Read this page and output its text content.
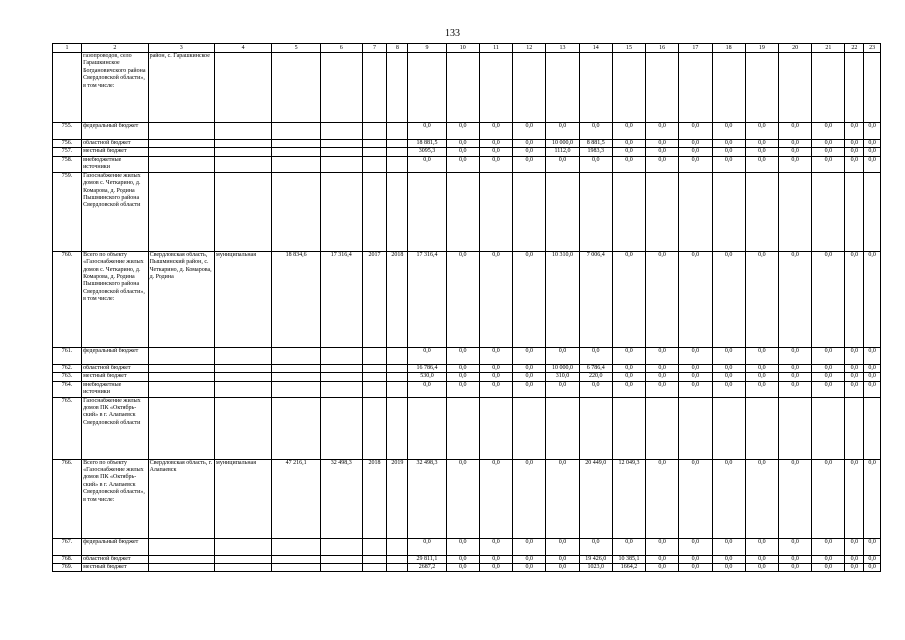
133
1	2	3	4	5	6	7	8	9	10	11	12	13	14	15	16	17	18	19	20	21	22	23
	газопроводов, село Гарашкинское Богдановичского района Свердловской области», в том числе:	район, с. Гарашкинское																				
755.	федеральный бюджет							0,0	0,0	0,0	0,0	0,0	0,0	0,0	0,0	0,0	0,0	0,0	0,0	0,0	0,0	0,0
756.	областной бюджет							18 881,5	0,0	0,0	0,0	10 000,0	8 881,5	0,0	0,0	0,0	0,0	0,0	0,0	0,0	0,0	0,0
757.	местный бюджет							3095,3	0,0	0,0	0,0	1112,0	1983,3	0,0	0,0	0,0	0,0	0,0	0,0	0,0	0,0	0,0
758.	внебюджетные источники							0,0	0,0	0,0	0,0	0,0	0,0	0,0	0,0	0,0	0,0	0,0	0,0	0,0	0,0	0,0
759.	Газоснабжение жилых домов с. Четкарино, д. Комарова, д. Родина Пышминского района Свердловской области																					
760.	Всего по объекту «Газоснабжение жилых домов с. Четкарино, д. Комарова, д. Родина Пышминского района Свердловской области», в том числе:	Свердловская область, Пышминский район, с. Четкарино, д. Комарова, д. Родина	муниципальная	18 834,6	17 316,4	2017	2018	17 316,4	0,0	0,0	0,0	10 310,0	7 006,4	0,0	0,0	0,0	0,0	0,0	0,0	0,0	0,0	0,0
761.	федеральный бюджет							0,0	0,0	0,0	0,0	0,0	0,0	0,0	0,0	0,0	0,0	0,0	0,0	0,0	0,0	0,0
762.	областной бюджет							16 786,4	0,0	0,0	0,0	10 000,0	6 786,4	0,0	0,0	0,0	0,0	0,0	0,0	0,0	0,0	0,0
763.	местный бюджет							530,0	0,0	0,0	0,0	310,0	220,0	0,0	0,0	0,0	0,0	0,0	0,0	0,0	0,0	0,0
764.	внебюджетные источники							0,0	0,0	0,0	0,0	0,0	0,0	0,0	0,0	0,0	0,0	0,0	0,0	0,0	0,0	0,0
765.	Газоснабжение жилых домов ПК «Октябрь-ский» в г. Алапаевск Свердловской области																					
766.	Всего по объекту «Газоснабжение жилых домов ПК «Октябрь-ский» в г. Алапаевск Свердловской области», в том числе:	Свердловская область, г. Алапаевск	муниципальная	47 216,1	32 498,3	2018	2019	32 498,3	0,0	0,0	0,0	0,0	20 449,0	12 049,3	0,0	0,0	0,0	0,0	0,0	0,0	0,0	0,0
767.	федеральный бюджет							0,0	0,0	0,0	0,0	0,0	0,0	0,0	0,0	0,0	0,0	0,0	0,0	0,0	0,0	0,0
768.	областной бюджет							29 811,1	0,0	0,0	0,0	0,0	19 426,0	10 385,1	0,0	0,0	0,0	0,0	0,0	0,0	0,0	0,0
769.	местный бюджет							2687,2	0,0	0,0	0,0	0,0	1023,0	1664,2	0,0	0,0	0,0	0,0	0,0	0,0	0,0	0,0
